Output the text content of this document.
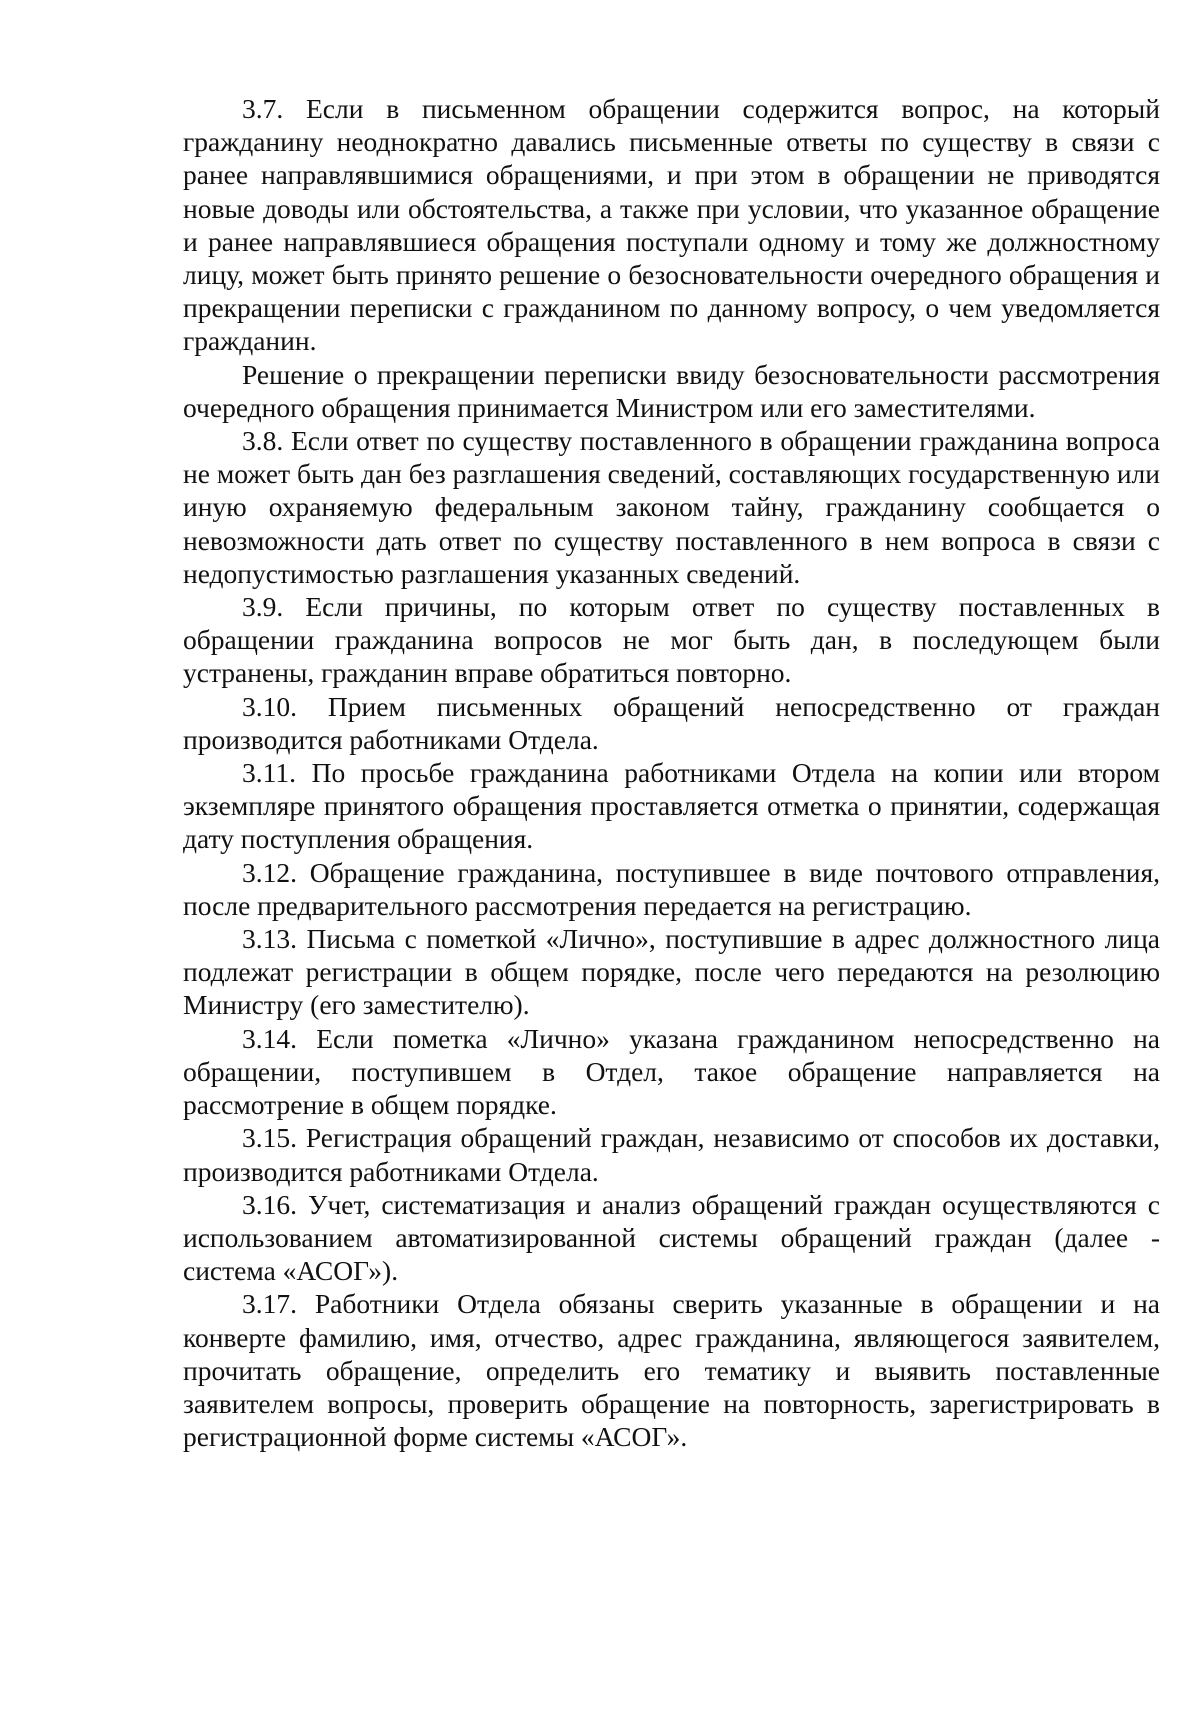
3.7. Если в письменном обращении содержится вопрос, на который гражданину неоднократно давались письменные ответы по существу в связи с ранее направлявшимися обращениями, и при этом в обращении не приводятся новые доводы или обстоятельства, а также при условии, что указанное обращение и ранее направлявшиеся обращения поступали одному и тому же должностному лицу, может быть принято решение о безосновательности очередного обращения и прекращении переписки с гражданином по данному вопросу, о чем уведомляется гражданин.

Решение о прекращении переписки ввиду безосновательности рассмотрения очередного обращения принимается Министром или его заместителями.

3.8. Если ответ по существу поставленного в обращении гражданина вопроса не может быть дан без разглашения сведений, составляющих государственную или иную охраняемую федеральным законом тайну, гражданину сообщается о невозможности дать ответ по существу поставленного в нем вопроса в связи с недопустимостью разглашения указанных сведений.

3.9. Если причины, по которым ответ по существу поставленных в обращении гражданина вопросов не мог быть дан, в последующем были устранены, гражданин вправе обратиться повторно.

3.10. Прием письменных обращений непосредственно от граждан производится работниками Отдела.

3.11. По просьбе гражданина работниками Отдела на копии или втором экземпляре принятого обращения проставляется отметка о принятии, содержащая дату поступления обращения.

3.12. Обращение гражданина, поступившее в виде почтового отправления, после предварительного рассмотрения передается на регистрацию.

3.13. Письма с пометкой «Лично», поступившие в адрес должностного лица подлежат регистрации в общем порядке, после чего передаются на резолюцию Министру (его заместителю).

3.14. Если пометка «Лично» указана гражданином непосредственно на обращении, поступившем в Отдел, такое обращение направляется на рассмотрение в общем порядке.

3.15. Регистрация обращений граждан, независимо от способов их доставки, производится работниками Отдела.

3.16. Учет, систематизация и анализ обращений граждан осуществляются с использованием автоматизированной системы обращений граждан (далее - система «АСОГ»).

3.17. Работники Отдела обязаны сверить указанные в обращении и на конверте фамилию, имя, отчество, адрес гражданина, являющегося заявителем, прочитать обращение, определить его тематику и выявить поставленные заявителем вопросы, проверить обращение на повторность, зарегистрировать в регистрационной форме системы «АСОГ».
